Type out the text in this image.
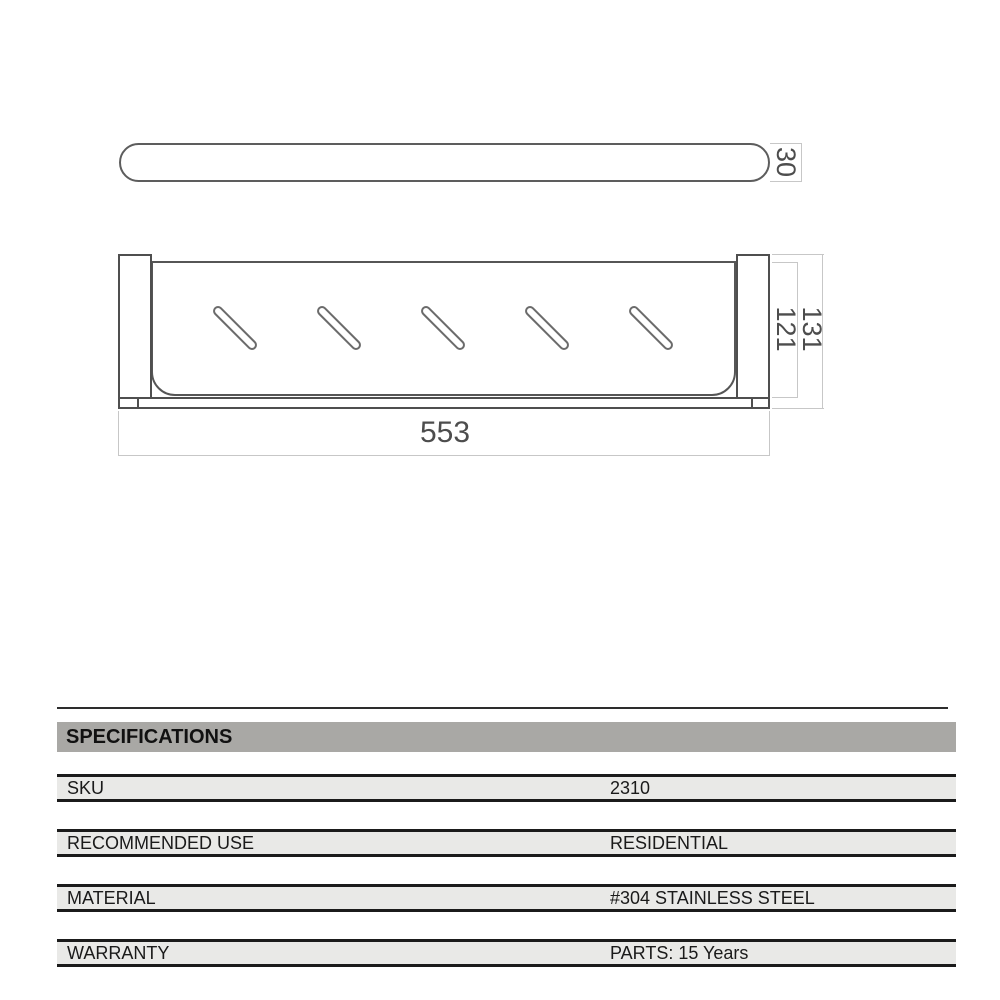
30
121
131
553
SPECIFICATIONS
SKU	2310
RECOMMENDED USE	RESIDENTIAL
MATERIAL	#304 STAINLESS STEEL
WARRANTY	PARTS: 15 Years
